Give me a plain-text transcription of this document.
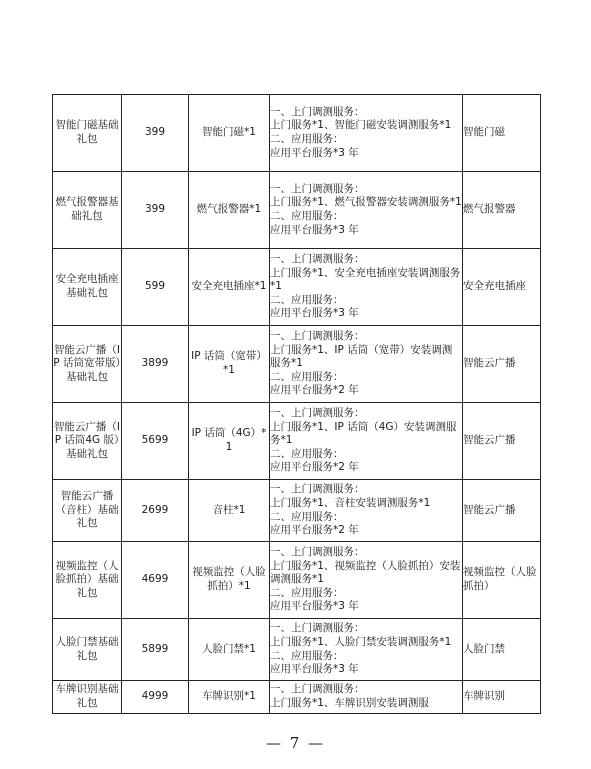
智能门磁基础礼包	399	智能门磁*1	一、上门调测服务：
上门服务*1、智能门磁安装调测服务*1
二、应用服务：
应用平台服务*3 年	智能门磁

燃气报警器基础礼包	399	燃气报警器*1	一、上门调测服务：
上门服务*1、燃气报警器安装调测服务*1
二、应用服务：
应用平台服务*3 年	燃气报警器

安全充电插座基础礼包	599	安全充电插座*1	一、上门调测服务：
上门服务*1、安全充电插座安装调测服务*1
二、应用服务：
应用平台服务*3 年	安全充电插座

智能云广播（IP 话筒宽带版）基础礼包	3899	IP 话筒（宽带）*1	一、上门调测服务：
上门服务*1、IP 话筒（宽带）安装调测服务*1
二、应用服务：
应用平台服务*2 年	智能云广播

智能云广播（IP 话筒4G 版）基础礼包	5699	IP 话筒（4G）*1	一、上门调测服务：
上门服务*1、IP 话筒（4G）安装调测服务*1
二、应用服务：
应用平台服务*2 年	智能云广播

智能云广播（音柱）基础礼包	2699	音柱*1	一、上门调测服务：
上门服务*1、音柱安装调测服务*1
二、应用服务：
应用平台服务*2 年	智能云广播

视频监控（人脸抓拍）基础礼包	4699	视频监控（人脸抓拍）*1	一、上门调测服务：
上门服务*1、视频监控（人脸抓拍）安装调测服务*1
二、应用服务：
应用平台服务*3 年	视频监控（人脸抓拍）

人脸门禁基础礼包	5899	人脸门禁*1	一、上门调测服务：
上门服务*1、人脸门禁安装调测服务*1
二、应用服务：
应用平台服务*3 年	人脸门禁

车牌识别基础礼包	4999	车牌识别*1	一、上门调测服务：
上门服务*1、车牌识别安装调测服	车牌识别
— 7 —
